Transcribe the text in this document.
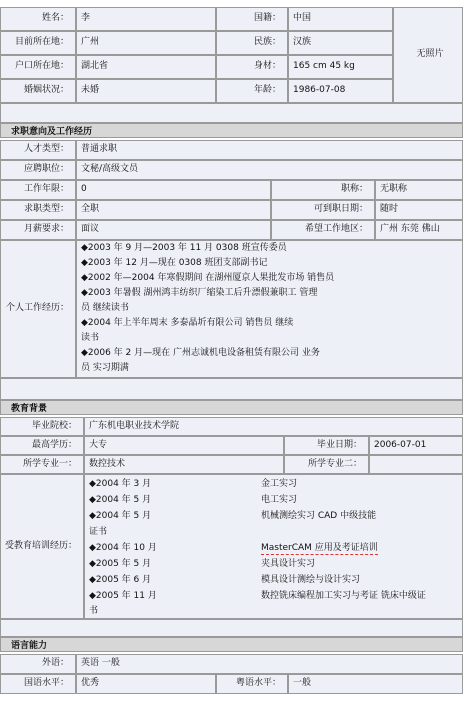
姓名：	李	国籍：	中国
目前所在地：	广州	民族：	汉族
户口所在地：	湖北省	身材：	165 cm 45 kg
婚姻状况：	未婚	年龄：	1986-07-08
无照片
求职意向及工作经历
人才类型：	普通求职
应聘职位：	文秘/高级文员
工作年限：	0	职称：	无职称
求职类型：	全职	可到职日期：	随时
月薪要求：	面议	希望工作地区：	广州 东莞 佛山
个人工作经历：
◆2003 年 9 月—2003 年 11 月 0308 班宣传委员
◆2003 年 12 月—现在 0308 班团支部副书记
◆2002 年—2004 年寒假期间 在湖州厦京人果批发市场 销售员
◆2003 年暑假 湖州鸿丰纺织厂缩染工后升漂假兼职工 管理
员 继续读书
◆2004 年上半年周末 多泰晶圻有限公司 销售员 继续
读书
◆2006 年 2 月—现在 广州志诚机电设备租赁有限公司 业务
员 实习期满
教育背景
毕业院校：	广东机电职业技术学院
最高学历：	大专	毕业日期：	2006-07-01
所学专业一：	数控技术	所学专业二：
受教育培训经历：
◆2004 年 3 月	金工实习
◆2004 年 5 月	电工实习
◆2004 年 5 月	机械测绘实习 CAD 中级技能
证书
◆2004 年 10 月	MasterCAM 应用及考证培训
◆2005 年 5 月	夹具设计实习
◆2005 年 6 月	模具设计测绘与设计实习
◆2005 年 11 月	数控铣床编程加工实习与考证 铣床中级证
书
语言能力
外语：	英语 一般
国语水平：	优秀	粤语水平：	一般
